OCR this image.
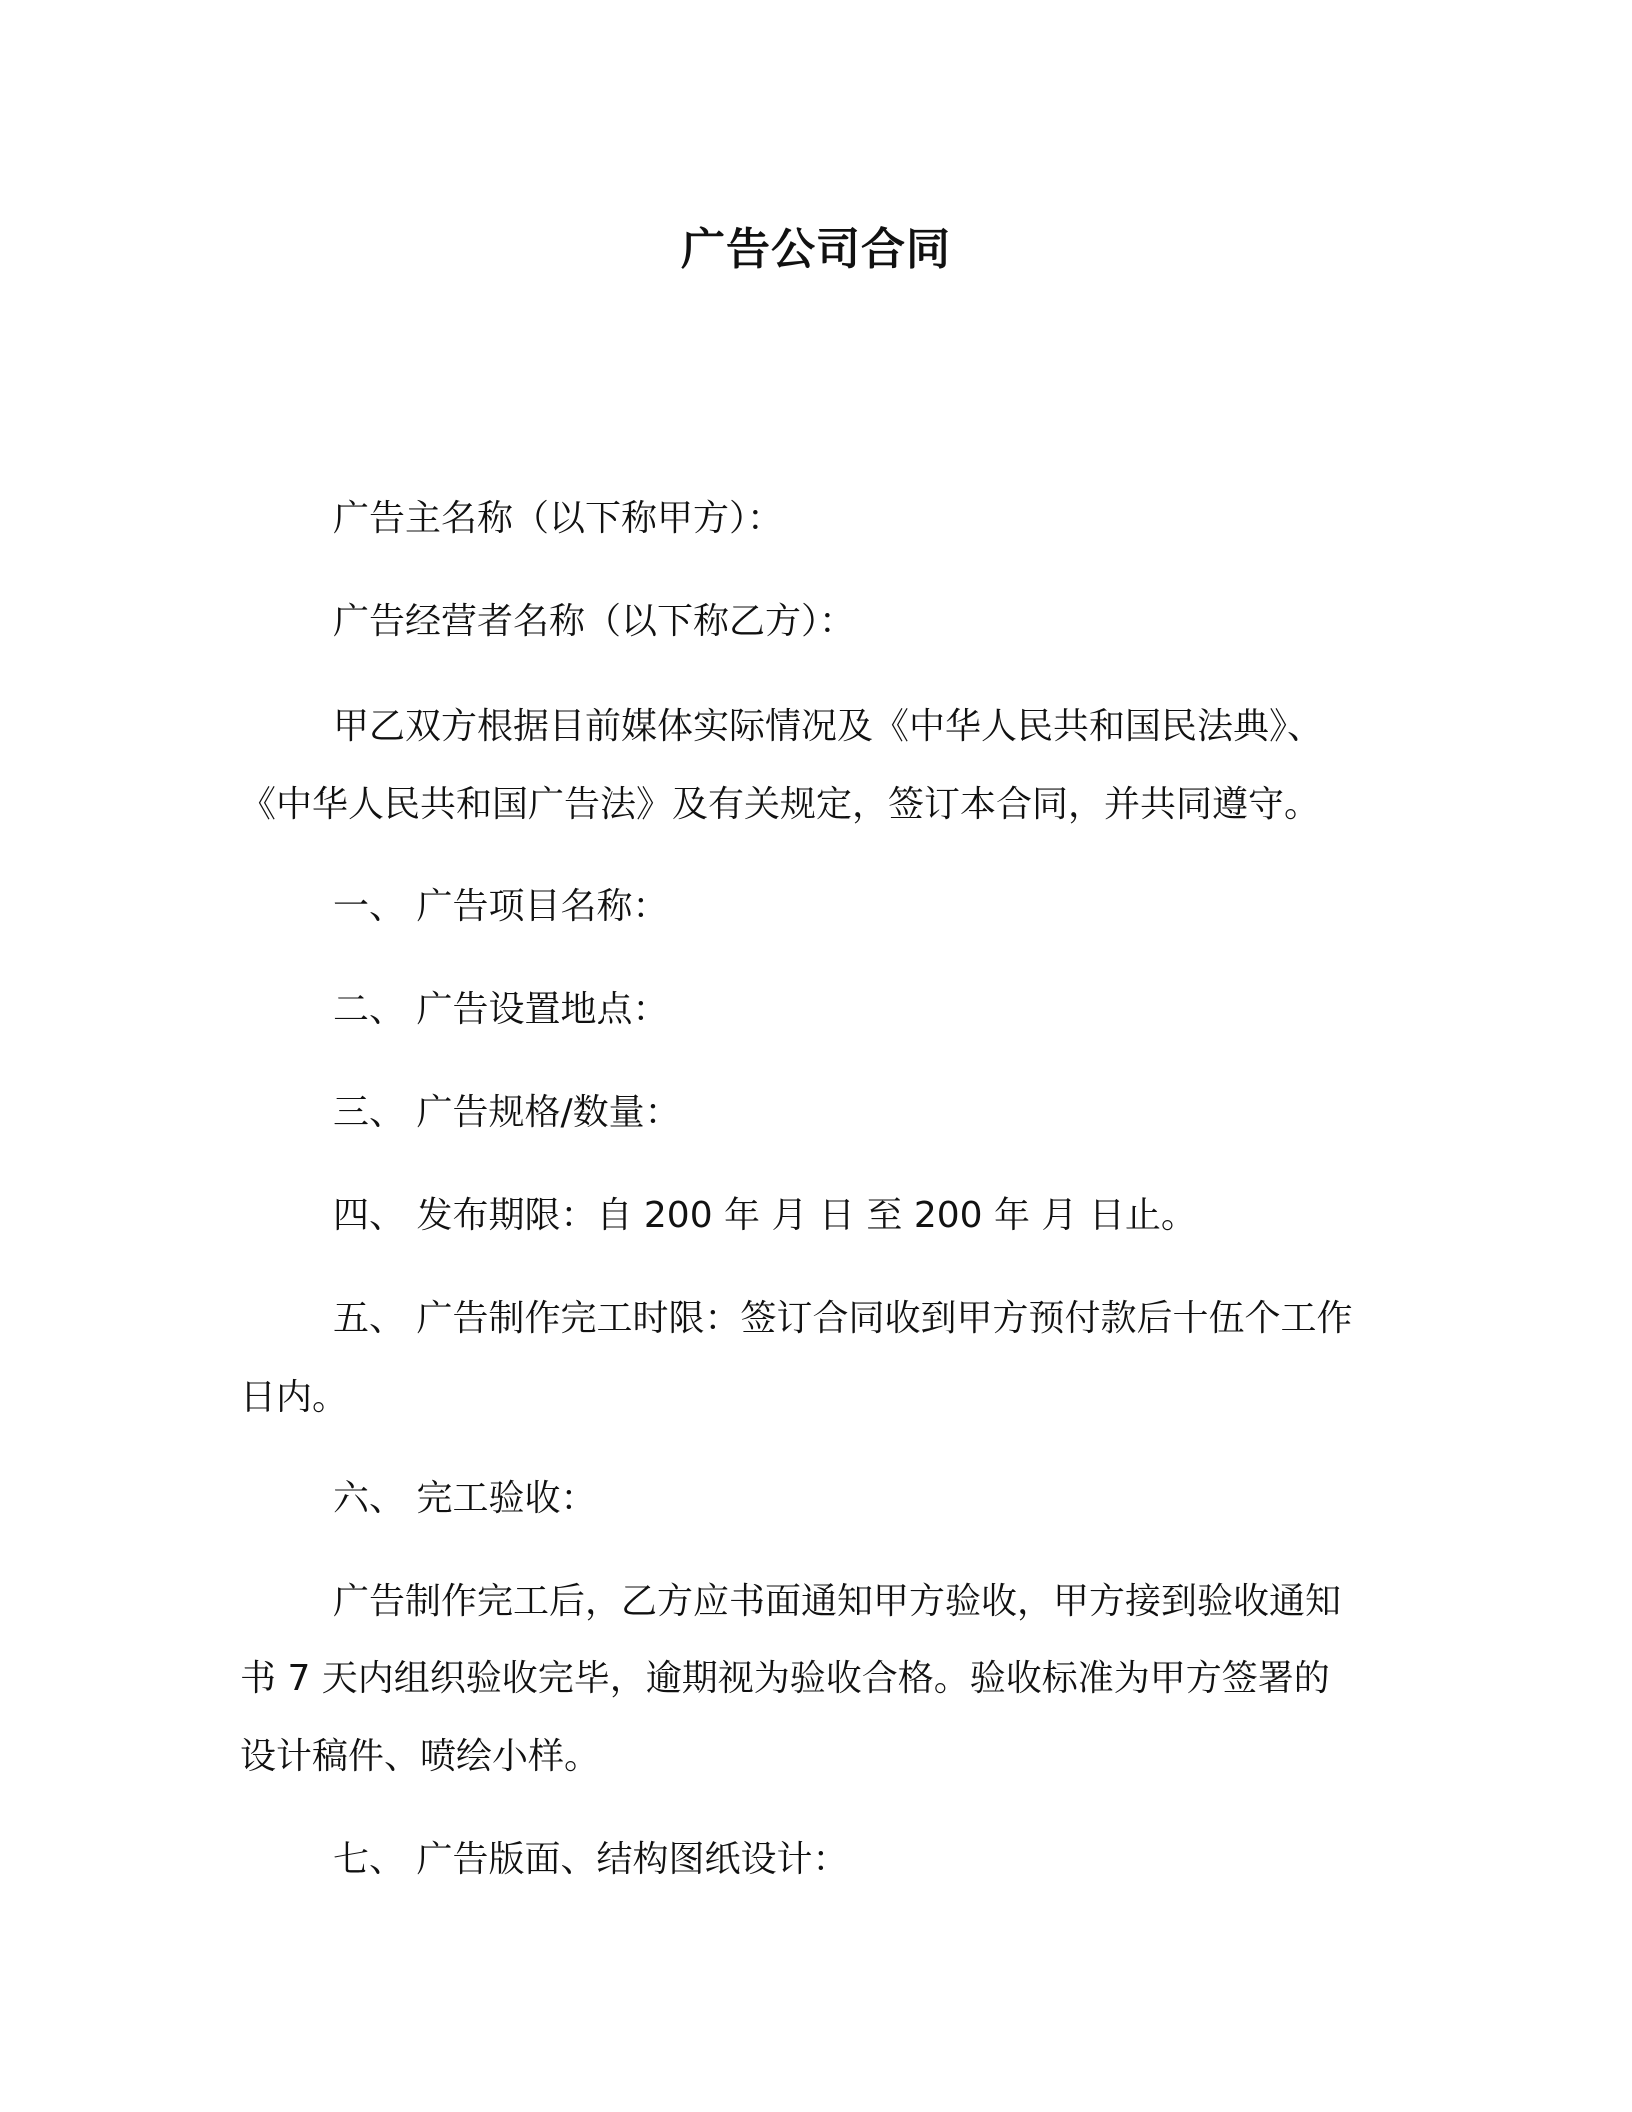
广告公司合同
广告主名称（以下称甲方）：
广告经营者名称（以下称乙方）：
甲乙双方根据目前媒体实际情况及《中华人民共和国民法典》、
《中华人民共和国广告法》及有关规定，签订本合同，并共同遵守。
一、 广告项目名称：
二、 广告设置地点：
三、 广告规格/数量：
四、 发布期限：自 200 年 月 日 至 200 年 月 日止。
五、 广告制作完工时限：签订合同收到甲方预付款后十伍个工作
日内。
六、 完工验收：
广告制作完工后，乙方应书面通知甲方验收，甲方接到验收通知
书 7 天内组织验收完毕，逾期视为验收合格。验收标准为甲方签署的
设计稿件、喷绘小样。
七、 广告版面、结构图纸设计：
